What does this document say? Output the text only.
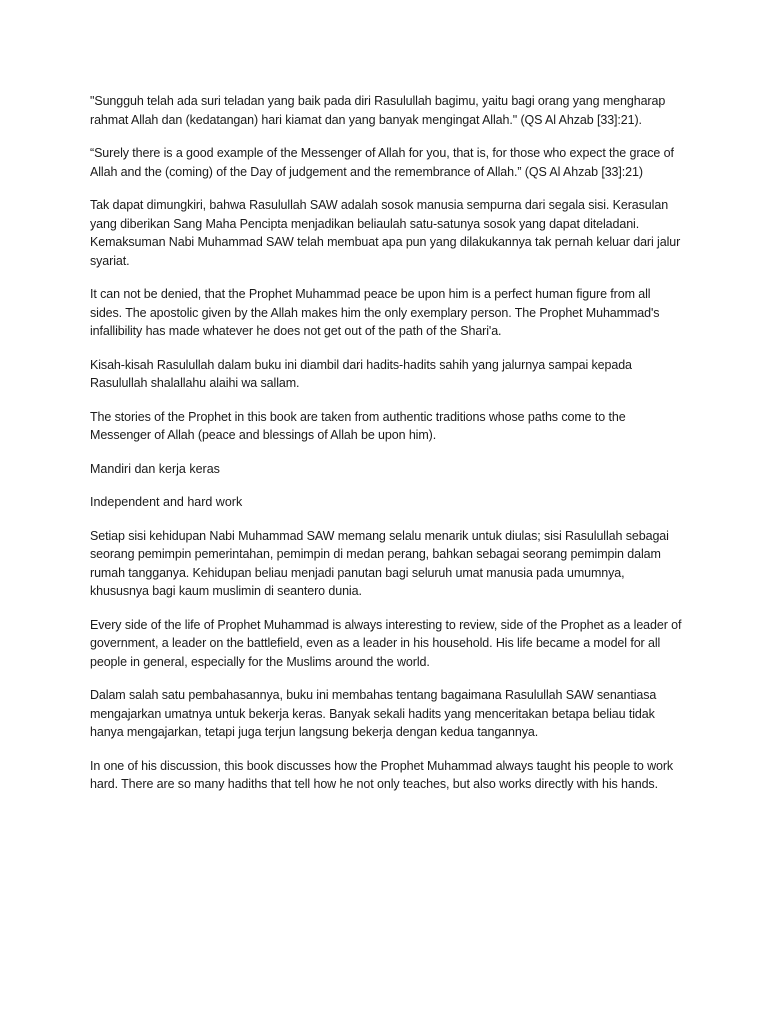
"Sungguh telah ada suri teladan yang baik pada diri Rasulullah bagimu, yaitu bagi orang yang mengharap rahmat Allah dan (kedatangan) hari kiamat dan yang banyak mengingat Allah." (QS Al Ahzab [33]:21).

“Surely there is a good example of the Messenger of Allah for you, that is, for those who expect the grace of Allah and the (coming) of the Day of judgement and the remembrance of Allah.” (QS Al Ahzab [33]:21)

Tak dapat dimungkiri, bahwa Rasulullah SAW adalah sosok manusia sempurna dari segala sisi. Kerasulan yang diberikan Sang Maha Pencipta menjadikan beliaulah satu-satunya sosok yang dapat diteladani. Kemaksuman Nabi Muhammad SAW telah membuat apa pun yang dilakukannya tak pernah keluar dari jalur syariat.

It can not be denied, that the Prophet Muhammad peace be upon him is a perfect human figure from all sides. The apostolic given by the Allah makes him the only exemplary person. The Prophet Muhammad's infallibility has made whatever he does not get out of the path of the Shari'a.

Kisah-kisah Rasulullah dalam buku ini diambil dari hadits-hadits sahih yang jalurnya sampai kepada Rasulullah shalallahu alaihi wa sallam.

The stories of the Prophet in this book are taken from authentic traditions whose paths come to the Messenger of Allah (peace and blessings of Allah be upon him).

Mandiri dan kerja keras

Independent and hard work

Setiap sisi kehidupan Nabi Muhammad SAW memang selalu menarik untuk diulas; sisi Rasulullah sebagai seorang pemimpin pemerintahan, pemimpin di medan perang, bahkan sebagai seorang pemimpin dalam rumah tangganya. Kehidupan beliau menjadi panutan bagi seluruh umat manusia pada umumnya, khususnya bagi kaum muslimin di seantero dunia.

Every side of the life of Prophet Muhammad is always interesting to review, side of the Prophet as a leader of government, a leader on the battlefield, even as a leader in his household. His life became a model for all people in general, especially for the Muslims around the world.

Dalam salah satu pembahasannya, buku ini membahas tentang bagaimana Rasulullah SAW senantiasa mengajarkan umatnya untuk bekerja keras. Banyak sekali hadits yang menceritakan betapa beliau tidak hanya mengajarkan, tetapi juga terjun langsung bekerja dengan kedua tangannya.

In one of his discussion, this book discusses how the Prophet Muhammad always taught his people to work hard. There are so many hadiths that tell how he not only teaches, but also works directly with his hands.
